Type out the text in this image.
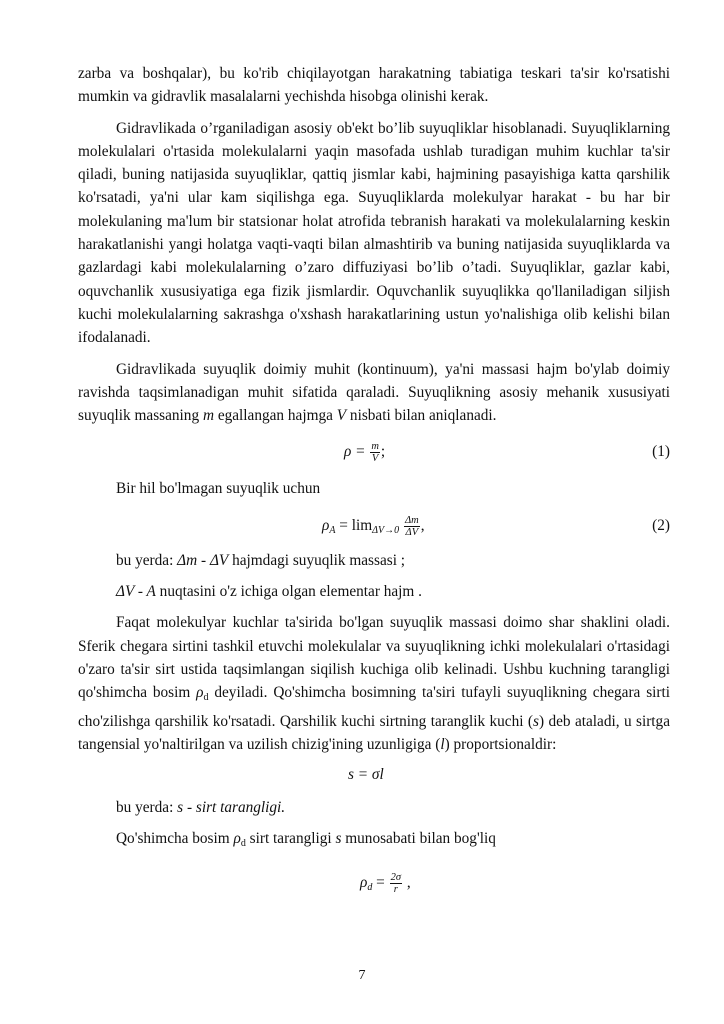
zarba va boshqalar), bu ko'rib chiqilayotgan harakatning tabiatiga teskari ta'sir ko'rsatishi mumkin va gidravlik masalalarni yechishda hisobga olinishi kerak.

Gidravlikada o’rganiladigan asosiy ob'ekt bo’lib suyuqliklar hisoblanadi. Suyuqliklarning molekulalari o'rtasida molekulalarni yaqin masofada ushlab turadigan muhim kuchlar ta'sir qiladi, buning natijasida suyuqliklar, qattiq jismlar kabi, hajmining pasayishiga katta qarshilik ko'rsatadi, ya'ni ular kam siqilishga ega. Suyuqliklarda molekulyar harakat - bu har bir molekulaning ma'lum bir statsionar holat atrofida tebranish harakati va molekulalarning keskin harakatlanishi yangi holatga vaqti-vaqti bilan almashtirib va buning natijasida suyuqliklarda va gazlardagi kabi molekulalarning o’zaro diffuziyasi bo’lib o’tadi. Suyuqliklar, gazlar kabi, oquvchanlik xususiyatiga ega fizik jismlardir. Oquvchanlik suyuqlikka qo'llaniladigan siljish kuchi molekulalarning sakrashga o'xshash harakatlarining ustun yo'nalishiga olib kelishi bilan ifodalanadi.

Gidravlikada suyuqlik doimiy muhit (kontinuum), ya'ni massasi hajm bo'ylab doimiy ravishda taqsimlanadigan muhit sifatida qaraladi. Suyuqlikning asosiy mehanik xususiyati suyuqlik massaning m egallangan hajmga V nisbati bilan aniqlanadi.

$\rho = \frac{m}{V}$ ;	(1)

Bir hil bo'lmagan suyuqlik uchun

$\rho_A = \lim_{\Delta V\to 0} \frac{\Delta m}{\Delta V}$ ,	(2)

bu yerda: Δm - ΔV hajmdagi suyuqlik massasi ;

ΔV - A nuqtasini o'z ichiga olgan elementar hajm .

Faqat molekulyar kuchlar ta'sirida bo'lgan suyuqlik massasi doimo shar shaklini oladi. Sferik chegara sirtini tashkil etuvchi molekulalar va suyuqlikning ichki molekulalari o'rtasidagi o'zaro ta'sir sirt ustida taqsimlangan siqilish kuchiga olib kelinadi. Ushbu kuchning tarangligi qo'shimcha bosim $\rho_d$ deyiladi. Qo'shimcha bosimning ta'siri tufayli suyuqlikning chegara sirti cho'zilishga qarshilik ko'rsatadi. Qarshilik kuchi sirtning taranglik kuchi (s) deb ataladi, u sirtga tangensial yo'naltirilgan va uzilish chizig'ining uzunligiga (l) proportsionaldir:

s = σl

bu yerda: s - sirt tarangligi.

Qo'shimcha bosim $\rho_d$ sirt tarangligi s munosabati bilan bog'liq

$\rho_d = \frac{2\sigma}{r}$ ,
7
